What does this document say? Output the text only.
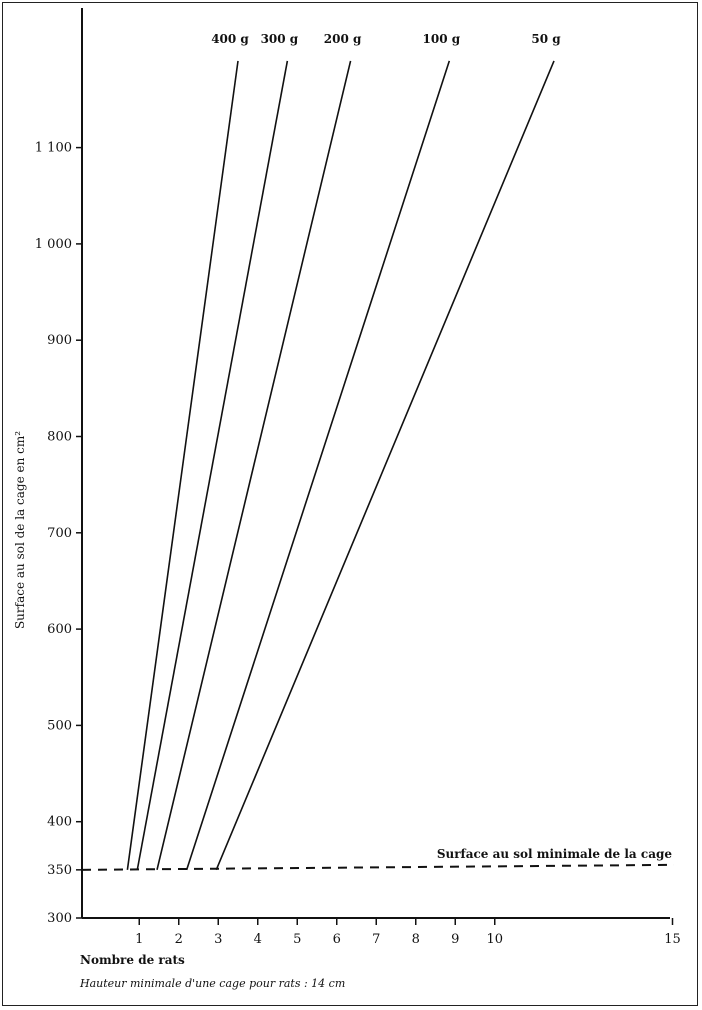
300
350
400
500
600
700
800
900
1 000
1 100
1 2 3 4 5 6 7 8 9 10	15
Surface au sol minimale de la cage
400 g 300 g 200 g	100 g	50 g
Surface au sol de la cage en cm²
Nombre de rats
Hauteur minimale d'une cage pour rats : 14 cm
